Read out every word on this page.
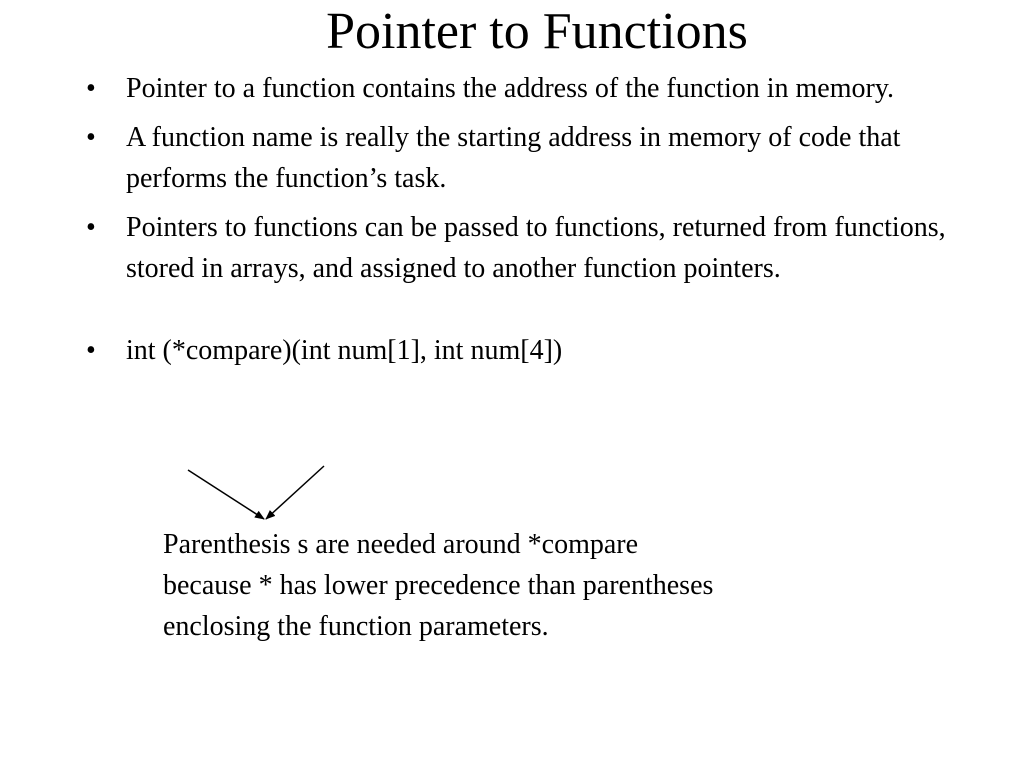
Pointer to Functions
• Pointer to a function contains the address of the function in memory.
• A function name is really the starting address in memory of code that performs the function’s task.
• Pointers to functions can be passed to functions, returned from functions, stored in arrays, and assigned to another function pointers.
• int (*compare)(int num[1], int num[4])
Parenthesis s are needed around *compare
because * has lower precedence than parentheses
enclosing the function parameters.
